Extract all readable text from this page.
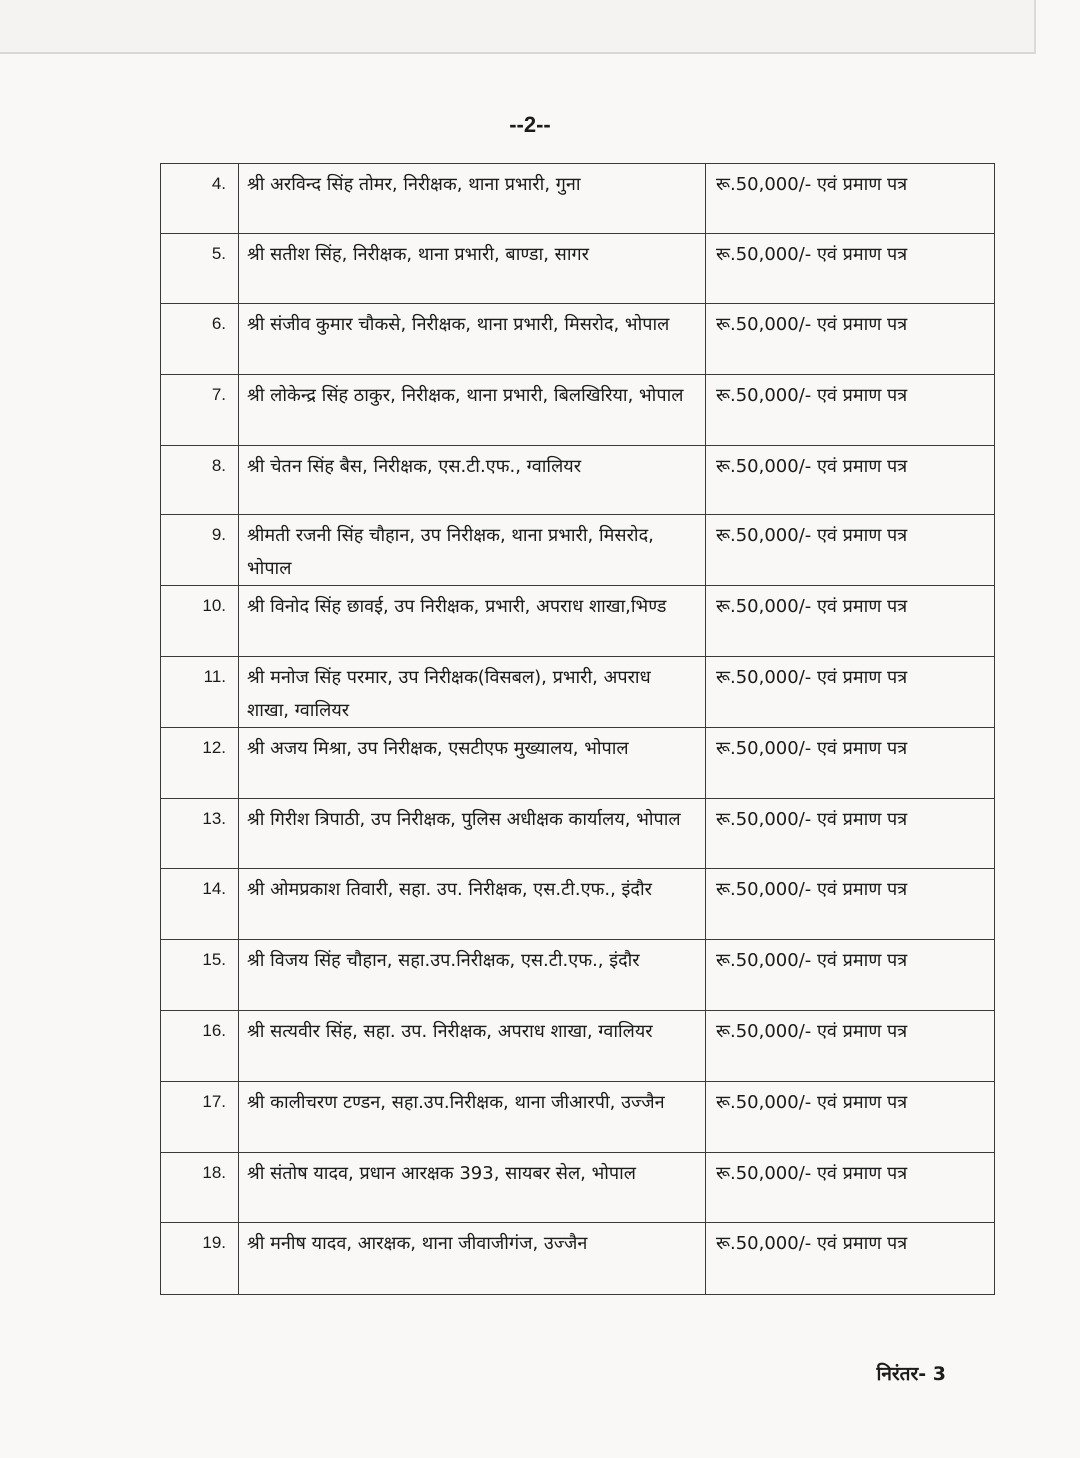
--2--
4.	श्री अरविन्द सिंह तोमर, निरीक्षक, थाना प्रभारी, गुना	रू.50,000/- एवं प्रमाण पत्र
5.	श्री सतीश सिंह, निरीक्षक, थाना प्रभारी, बाण्डा, सागर	रू.50,000/- एवं प्रमाण पत्र
6.	श्री संजीव कुमार चौकसे, निरीक्षक, थाना प्रभारी, मिसरोद, भोपाल	रू.50,000/- एवं प्रमाण पत्र
7.	श्री लोकेन्द्र सिंह ठाकुर, निरीक्षक, थाना प्रभारी, बिलखिरिया, भोपाल	रू.50,000/- एवं प्रमाण पत्र
8.	श्री चेतन सिंह बैस, निरीक्षक, एस.टी.एफ., ग्वालियर	रू.50,000/- एवं प्रमाण पत्र
9.	श्रीमती रजनी सिंह चौहान, उप निरीक्षक, थाना प्रभारी, मिसरोद, भोपाल	रू.50,000/- एवं प्रमाण पत्र
10.	श्री विनोद सिंह छावई, उप निरीक्षक, प्रभारी, अपराध शाखा,भिण्ड	रू.50,000/- एवं प्रमाण पत्र
11.	श्री मनोज सिंह परमार, उप निरीक्षक(विसबल), प्रभारी, अपराध शाखा, ग्वालियर	रू.50,000/- एवं प्रमाण पत्र
12.	श्री अजय मिश्रा, उप निरीक्षक, एसटीएफ मुख्यालय, भोपाल	रू.50,000/- एवं प्रमाण पत्र
13.	श्री गिरीश त्रिपाठी, उप निरीक्षक, पुलिस अधीक्षक कार्यालय, भोपाल	रू.50,000/- एवं प्रमाण पत्र
14.	श्री ओमप्रकाश तिवारी, सहा. उप. निरीक्षक, एस.टी.एफ., इंदौर	रू.50,000/- एवं प्रमाण पत्र
15.	श्री विजय सिंह चौहान, सहा.उप.निरीक्षक, एस.टी.एफ., इंदौर	रू.50,000/- एवं प्रमाण पत्र
16.	श्री सत्यवीर सिंह, सहा. उप. निरीक्षक, अपराध शाखा, ग्वालियर	रू.50,000/- एवं प्रमाण पत्र
17.	श्री कालीचरण टण्डन, सहा.उप.निरीक्षक, थाना जीआरपी, उज्जैन	रू.50,000/- एवं प्रमाण पत्र
18.	श्री संतोष यादव, प्रधान आरक्षक 393, सायबर सेल, भोपाल	रू.50,000/- एवं प्रमाण पत्र
19.	श्री मनीष यादव, आरक्षक, थाना जीवाजीगंज, उज्जैन	रू.50,000/- एवं प्रमाण पत्र
निरंतर- 3
